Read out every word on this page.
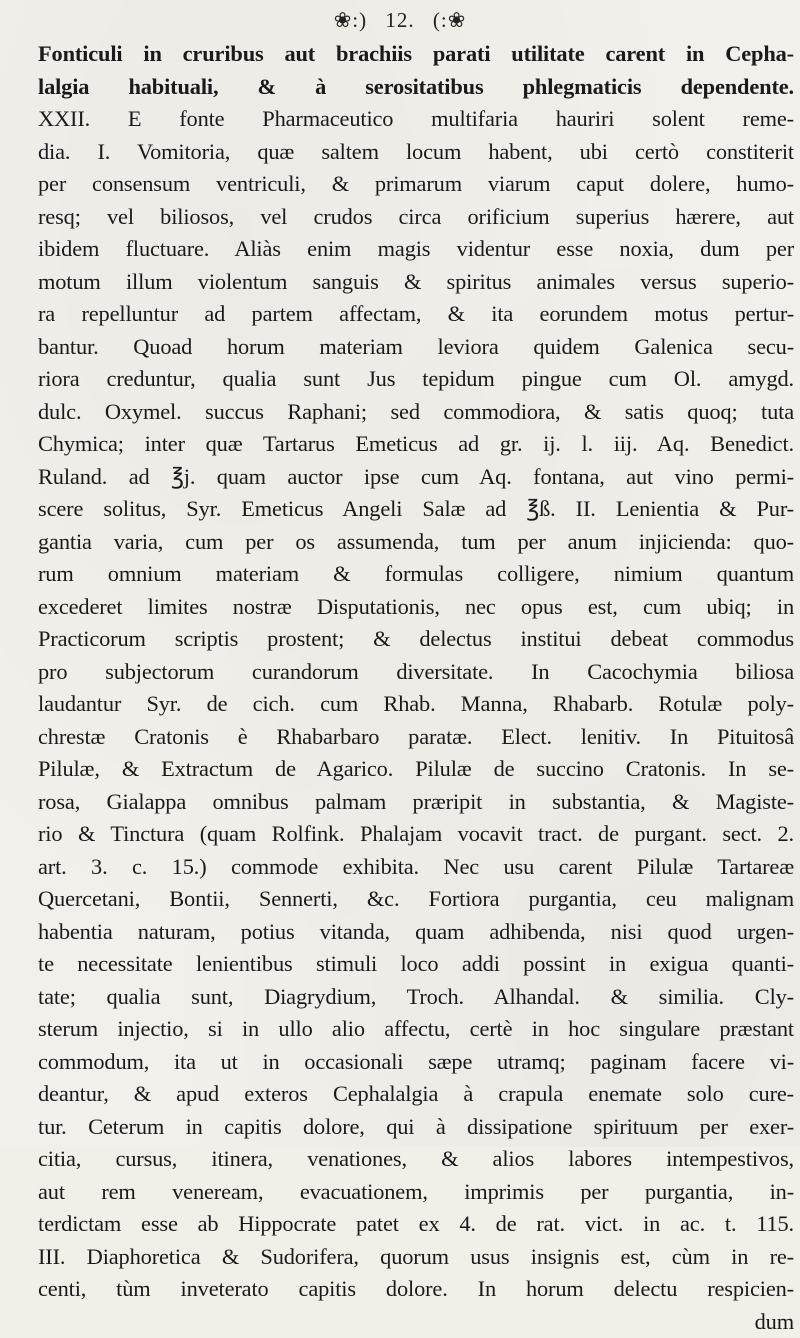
❀:) 12. (:❀
Fonticuli in cruribus aut brachiis parati utilitate carent in Cepha-
lalgia habituali, & à serositatibus phlegmaticis dependente.
XXII. E fonte Pharmaceutico multifaria hauriri solent reme-
dia. I. Vomitoria, quæ saltem locum habent, ubi certò constiterit
per consensum ventriculi, & primarum viarum caput dolere, humo-
resq; vel biliosos, vel crudos circa orificium superius hærere, aut
ibidem fluctuare. Aliàs enim magis videntur esse noxia, dum per
motum illum violentum sanguis & spiritus animales versus superio-
ra repelluntur ad partem affectam, & ita eorundem motus pertur-
bantur. Quoad horum materiam leviora quidem Galenica secu-
riora creduntur, qualia sunt Jus tepidum pingue cum Ol. amygd.
dulc. Oxymel. succus Raphani; sed commodiora, & satis quoq; tuta
Chymica; inter quæ Tartarus Emeticus ad gr. ij. l. iij. Aq. Benedict.
Ruland. ad ℥j. quam auctor ipse cum Aq. fontana, aut vino permi-
scere solitus, Syr. Emeticus Angeli Salæ ad ℥ß. II. Lenientia & Pur-
gantia varia, cum per os assumenda, tum per anum injicienda: quo-
rum omnium materiam & formulas colligere, nimium quantum
excederet limites nostræ Disputationis, nec opus est, cum ubiq; in
Practicorum scriptis prostent; & delectus institui debeat commodus
pro subjectorum curandorum diversitate. In Cacochymia biliosa
laudantur Syr. de cich. cum Rhab. Manna, Rhabarb. Rotulæ poly-
chrestæ Cratonis è Rhabarbaro paratæ. Elect. lenitiv. In Pituitosâ
Pilulæ, & Extractum de Agarico. Pilulæ de succino Cratonis. In se-
rosa, Gialappa omnibus palmam præripit in substantia, & Magiste-
rio & Tinctura (quam Rolfink. Phalajam vocavit tract. de purgant. sect. 2.
art. 3. c. 15.) commode exhibita. Nec usu carent Pilulæ Tartareæ
Quercetani, Bontii, Sennerti, &c. Fortiora purgantia, ceu malignam
habentia naturam, potius vitanda, quam adhibenda, nisi quod urgen-
te necessitate lenientibus stimuli loco addi possint in exigua quanti-
tate; qualia sunt, Diagrydium, Troch. Alhandal. & similia. Cly-
sterum injectio, si in ullo alio affectu, certè in hoc singulare præstant
commodum, ita ut in occasionali sæpe utramq; paginam facere vi-
deantur, & apud exteros Cephalalgia à crapula enemate solo cure-
tur. Ceterum in capitis dolore, qui à dissipatione spirituum per exer-
citia, cursus, itinera, venationes, & alios labores intempestivos,
aut rem veneream, evacuationem, imprimis per purgantia, in-
terdictam esse ab Hippocrate patet ex 4. de rat. vict. in ac. t. 115.
III. Diaphoretica & Sudorifera, quorum usus insignis est, cùm in re-
centi, tùm inveterato capitis dolore. In horum delectu respicien-
dum
